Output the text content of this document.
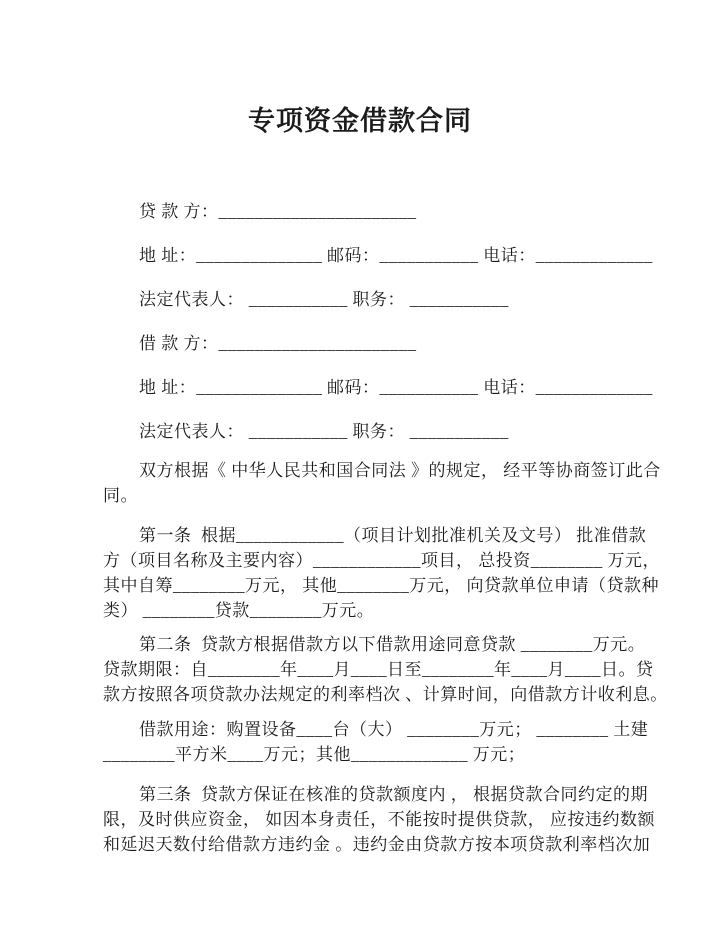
专项资金借款合同
贷 款 方：______________________
地 址：______________ 邮码：___________ 电话：_____________
法定代表人： ___________ 职务： ___________
借 款 方：______________________
地 址：______________ 邮码：___________ 电话：_____________
法定代表人： ___________ 职务： ___________
双方根据《 中华人民共和国合同法 》的规定， 经平等协商签订此合
同。
第一条  根据____________（项目计划批准机关及文号） 批准借款
方（项目名称及主要内容）____________项目， 总投资________ 万元，
其中自筹________万元， 其他________万元， 向贷款单位申请（贷款种
类） ________贷款________万元。
第二条  贷款方根据借款方以下借款用途同意贷款 ________万元。
贷款期限：自________年____月____日至________年____月____日。贷
款方按照各项贷款办法规定的利率档次 、计算时间，向借款方计收利息。
借款用途：购置设备____台（大） ________万元； ________ 土建
________平方米____万元；其他_____________ 万元；
第三条  贷款方保证在核准的贷款额度内 ， 根据贷款合同约定的期
限，及时供应资金， 如因本身责任，不能按时提供贷款， 应按违约数额
和延迟天数付给借款方违约金 。违约金由贷款方按本项贷款利率档次加
